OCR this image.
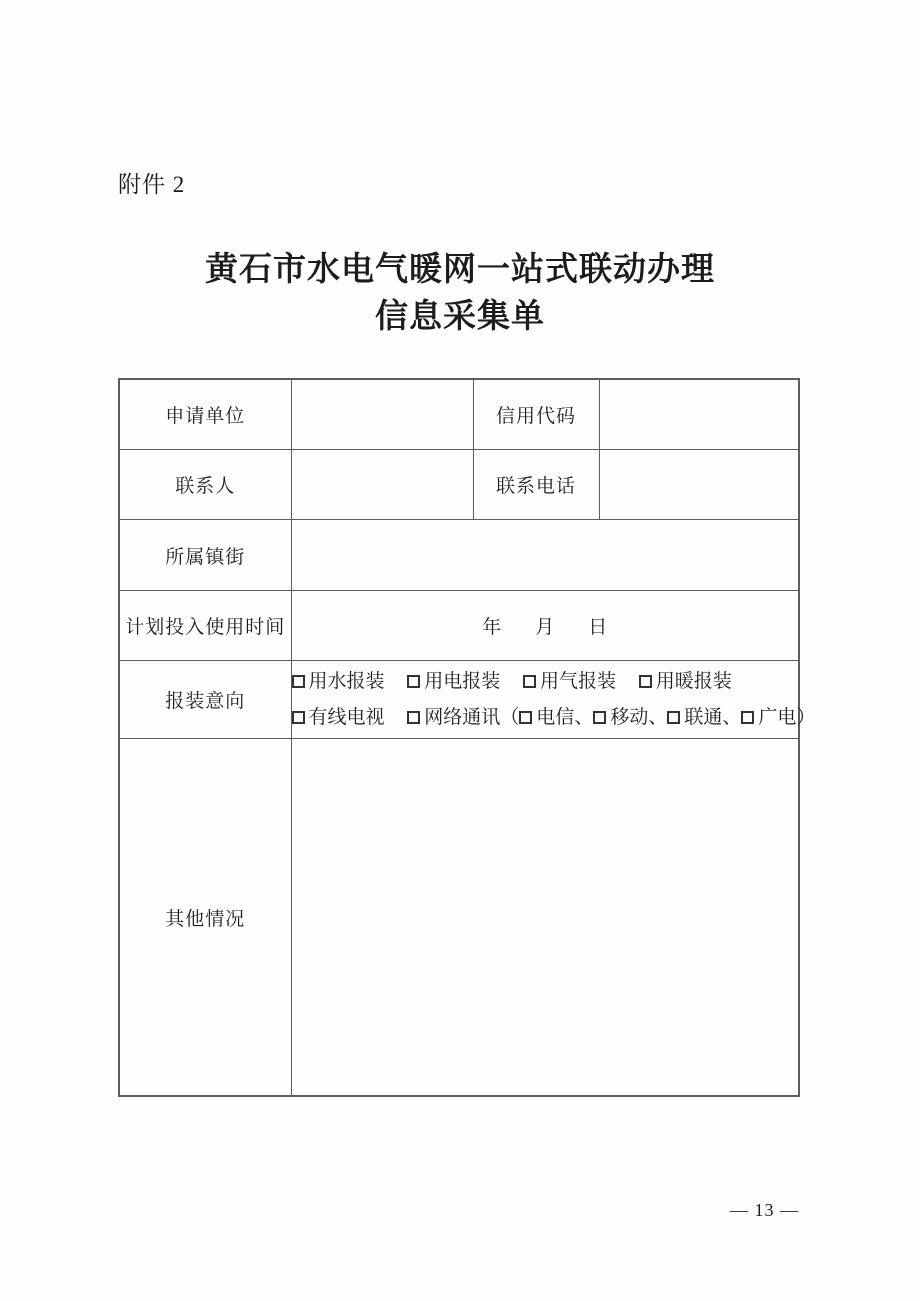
附件 2
黄石市水电气暖网一站式联动办理
信息采集单
申请单位		信用代码	
联系人		联系电话	
所属镇街			
计划投入使用时间	年 月 日		
报装意向	用水报装 用电报装 用气报装 用暖报装
有线电视 网络通讯（ 电信、 移动、 联通、 广电）		

其他情况			
— 13 —
